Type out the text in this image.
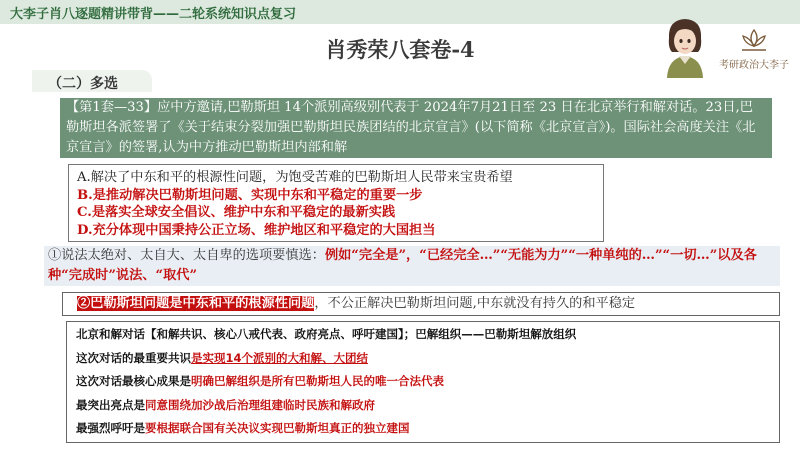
大李子肖八逐题精讲带背——二轮系统知识点复习
肖秀荣八套卷-4
考研政治大李子
（二）多选
【第1套—33】应中方邀请,巴勒斯坦 14个派别高级别代表于 2024年7月21日至 23 日在北京举行和解对话。23日,巴勒斯坦各派签署了《关于结束分裂加强巴勒斯坦民族团结的北京宣言》(以下简称《北京宣言》)。国际社会高度关注《北京宣言》的签署,认为中方推动巴勒斯坦内部和解
A.解决了中东和平的根源性问题，为饱受苦难的巴勒斯坦人民带来宝贵希望
B.是推动解决巴勒斯坦问题、实现中东和平稳定的重要一步
C.是落实全球安全倡议、维护中东和平稳定的最新实践
D.充分体现中国秉持公正立场、维护地区和平稳定的大国担当
①说法太绝对、太自大、太自卑的选项要慎选：例如“完全是”，“已经完全…”“无能为力”“一种单纯的…”“一切…”以及各种“完成时”说法、“取代”
②巴勒斯坦问题是中东和平的根源性问题，不公正解决巴勒斯坦问题,中东就没有持久的和平稳定
北京和解对话【和解共识、核心八戒代表、政府亮点、呼吁建国】；巴解组织——巴勒斯坦解放组织
这次对话的最重要共识是实现14个派别的大和解、大团结
这次对话最核心成果是明确巴解组织是所有巴勒斯坦人民的唯一合法代表
最突出亮点是同意围绕加沙战后治理组建临时民族和解政府
最强烈呼吁是要根据联合国有关决议实现巴勒斯坦真正的独立建国
